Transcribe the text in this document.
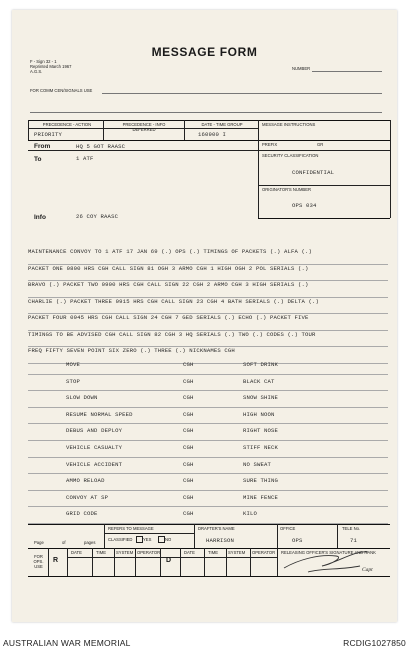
F - Sign 32 - 1
Reprinted March 1967
A.G.S.
MESSAGE FORM
NUMBER
FOR COMM CEN/SIGNALS USE
PRECEDENCE - ACTION	PRECEDENCE - INFO
DEFERRED
DATE - TIME GROUP	MESSAGE INSTRUCTIONS
PRIORITY	160900 I
From	HQ 5 GOT RAASC
To	1 ATF
Info	26 COY RAASC
PREFIX	GR
SECURITY CLASSIFICATION
CONFIDENTIAL
ORIGINATOR'S NUMBER
OPS 034
MAINTENANCE CONVOY TO 1 ATF 17 JAN 69 (.) OPS (.) TIMINGS OF PACKETS (.) ALFA (.)
PACKET ONE 0800 HRS CGH CALL SIGN 81 OGH 3 ARMO CGH 1 HIGH OGH 2 POL SERIALS (.)
BRAVO (.) PACKET TWO 0900 HRS CGH CALL SIGN 22 CGH 2 ARMO CGH 3 HIGH SERIALS (.)
CHARLIE (.) PACKET THREE 0915 HRS CGH CALL SIGN 23 CGH 4 BATH SERIALS (.) DELTA (.)
PACKET FOUR 0945 HRS CGH CALL SIGN 24 CGH 7 GED SERIALS (.) ECHO (.) PACKET FIVE
TIMINGS TO BE ADVISED CGH CALL SIGN 82 CGH 3 HQ SERIALS (.) TWO (.) CODES (.) TOUR
FREQ FIFTY SEVEN POINT SIX ZERO (.) THREE (.) NICKNAMES CGH
MOVE	CGH	SOFT DRINK
STOP	CGH	BLACK CAT
SLOW DOWN	CGH	SNOW SHINE
RESUME NORMAL SPEED	CGH	HIGH NOON
DEBUS AND DEPLOY	CGH	RIGHT NOSE
VEHICLE CASUALTY	CGH	STIFF NECK
VEHICLE ACCIDENT	CGH	NO SWEAT
AMMO RELOAD	CGH	SURE THING
CONVOY AT SP	CGH	MINE FENCE
GRID CODE	CGH	KILO
Page	of	pages
REFERS TO MESSAGE
CLASSIFIED	YES	NO
DRAFTER'S NAME
HARRISON
OFFICE
OPS
TELE No.
71
FOR OPS. USE
R	D
DATE	TIME SYSTEM OPERATOR	DATE	TIME SYSTEM OPERATOR RELEASING OFFICER'S SIGNATURE AND RANK
Capt
AUSTRALIAN WAR MEMORIAL	RCDIG1027850
